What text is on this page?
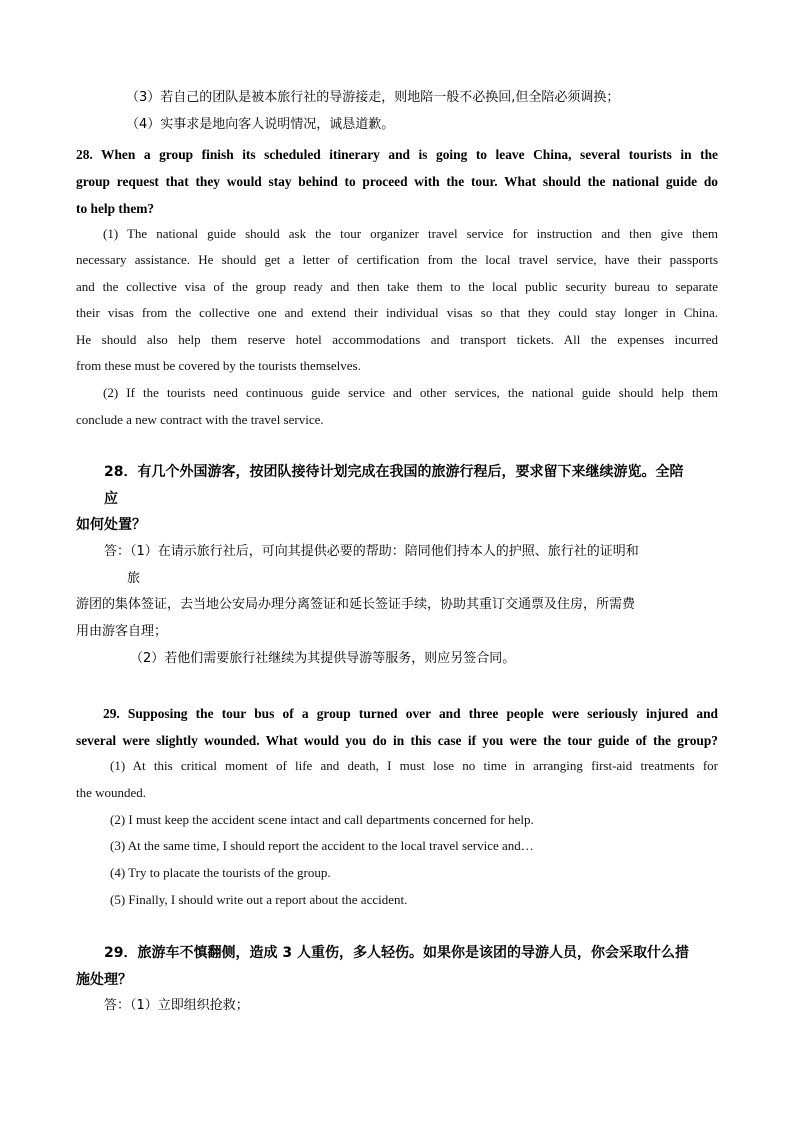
（3）若自己的团队是被本旅行社的导游接走，则地陪一般不必换回,但全陪必须调换；
（4）实事求是地向客人说明情况，诚恳道歉。
28. When a group finish its scheduled itinerary and is going to leave China, several tourists in the
group request that they would stay behind to proceed with the tour. What should the national guide do
to help them?
(1) The national guide should ask the tour organizer travel service for instruction and then give them
necessary assistance. He should get a letter of certification from the local travel service, have their passports
and the collective visa of the group ready and then take them to the local public security bureau to separate
their visas from the collective one and extend their individual visas so that they could stay longer in China.
He should also help them reserve hotel accommodations and transport tickets. All the expenses incurred
from these must be covered by the tourists themselves.
(2) If the tourists need continuous guide service and other services, the national guide should help them
conclude a new contract with the travel service.
28．有几个外国游客，按团队接待计划完成在我国的旅游行程后，要求留下来继续游览。全陪
应
如何处置？
答：（1）在请示旅行社后，可向其提供必要的帮助：陪同他们持本人的护照、旅行社的证明和
旅
游团的集体签证，去当地公安局办理分离签证和延长签证手续，协助其重订交通票及住房，所需费
用由游客自理；
（2）若他们需要旅行社继续为其提供导游等服务，则应另签合同。
29. Supposing the tour bus of a group turned over and three people were seriously injured and
several were slightly wounded. What would you do in this case if you were the tour guide of the group?
(1) At this critical moment of life and death, I must lose no time in arranging first-aid treatments for
the wounded.
(2) I must keep the accident scene intact and call departments concerned for help.
(3) At the same time, I should report the accident to the local travel service and…
(4) Try to placate the tourists of the group.
(5) Finally, I should write out a report about the accident.
29．旅游车不慎翻侧，造成 3 人重伤，多人轻伤。如果你是该团的导游人员，你会采取什么措
施处理？
答：（1）立即组织抢救；
